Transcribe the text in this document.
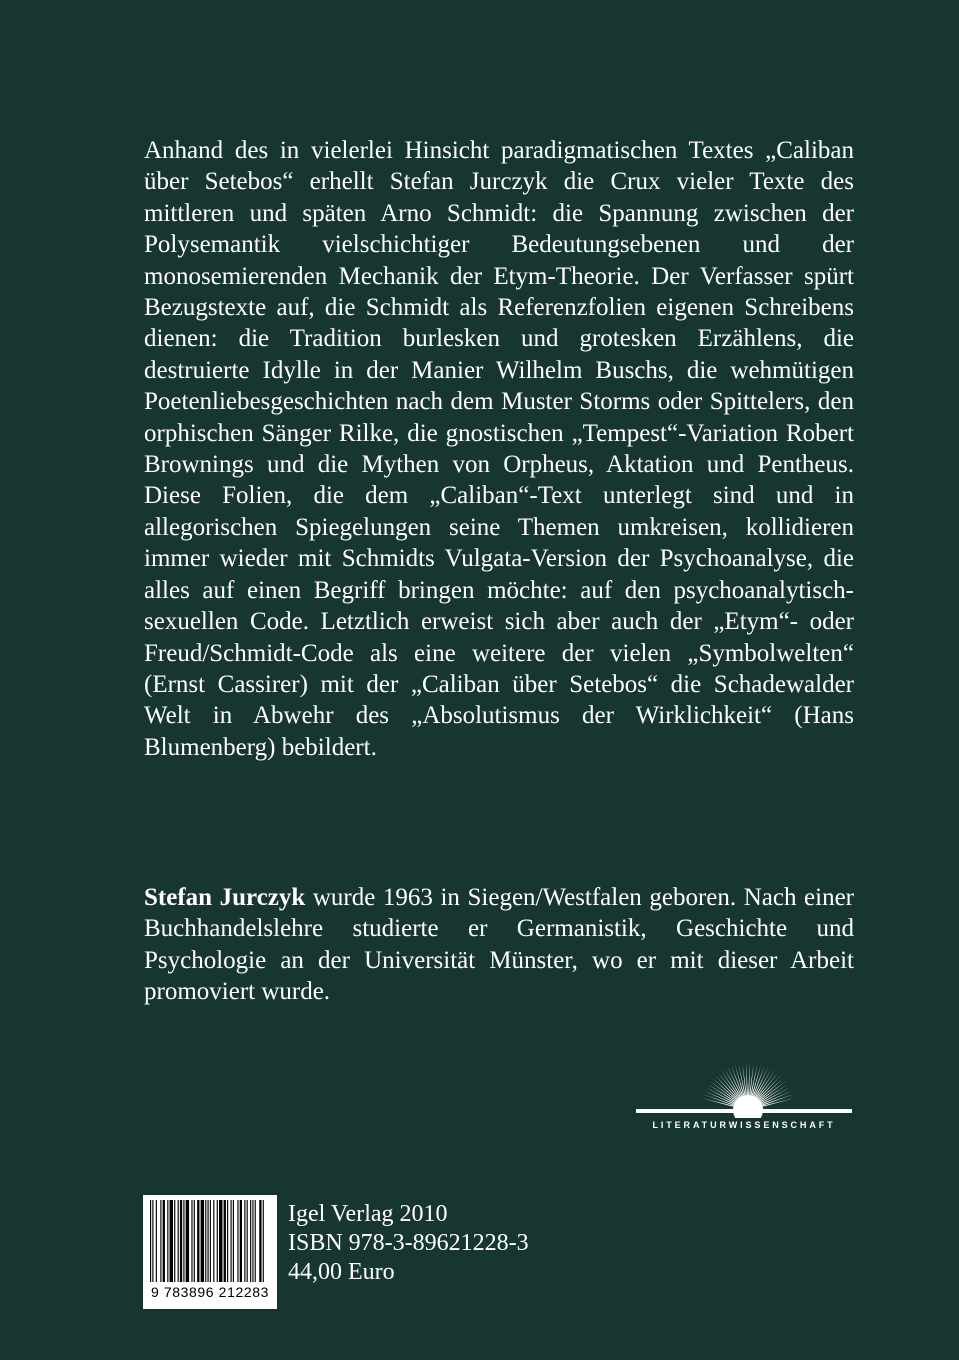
Anhand des in vielerlei Hinsicht paradigmatischen Textes „Caliban über Setebos“ erhellt Stefan Jurczyk die Crux vieler Texte des mittleren und späten Arno Schmidt: die Spannung zwischen der Polysemantik vielschichtiger Bedeutungsebenen und der monosemierenden Mechanik der Etym-Theorie. Der Verfasser spürt Bezugstexte auf, die Schmidt als Referenzfolien eigenen Schreibens dienen: die Tradition burlesken und grotesken Erzählens, die destruierte Idylle in der Manier Wilhelm Buschs, die wehmütigen Poetenliebesgeschichten nach dem Muster Storms oder Spittelers, den orphischen Sänger Rilke, die gnostischen „Tempest“-Variation Robert Brownings und die Mythen von Orpheus, Aktation und Pentheus. Diese Folien, die dem „Caliban“-Text unterlegt sind und in allegorischen Spiegelungen seine Themen umkreisen, kollidieren immer wieder mit Schmidts Vulgata-Version der Psychoanalyse, die alles auf einen Begriff bringen möchte: auf den psychoanalytisch-sexuellen Code. Letztlich erweist sich aber auch der „Etym“- oder Freud/Schmidt-Code als eine weitere der vielen „Symbolwelten“ (Ernst Cassirer) mit der „Caliban über Setebos“ die Schadewalder Welt in Abwehr des „Absolutismus der Wirklichkeit“ (Hans Blumenberg) bebildert.

Stefan Jurczyk wurde 1963 in Siegen/Westfalen geboren. Nach einer Buchhandelslehre studierte er Germanistik, Geschichte und Psychologie an der Universität Münster, wo er mit dieser Arbeit promoviert wurde.

LITERATURWISSENSCHAFT
9 783896 212283
Igel Verlag 2010
ISBN 978-3-89621228-3
44,00 Euro
